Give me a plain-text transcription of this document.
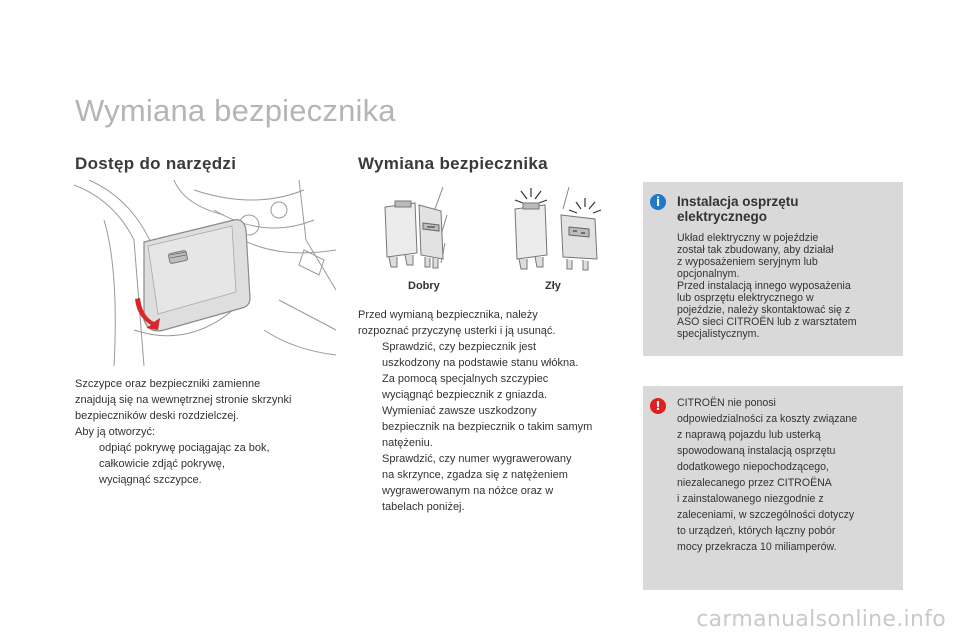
Wymiana bezpiecznika
Dostęp do narzędzi

Szczypce oraz bezpieczniki zamienne

znajdują się na wewnętrznej stronie skrzynki

bezpieczników deski rozdzielczej.

Aby ją otworzyć:

odpiąć pokrywę pociągając za bok,
całkowicie zdjąć pokrywę,
wyciągnąć szczypce.
Wymiana bezpiecznika
Dobry	Zły

Przed wymianą bezpiecznika, należy

rozpoznać przyczynę usterki i ją usunąć.

Sprawdzić, czy bezpiecznik jest
uszkodzony na podstawie stanu włókna.
Za pomocą specjalnych szczypiec
wyciągnąć bezpiecznik z gniazda.
Wymieniać zawsze uszkodzony
bezpiecznik na bezpiecznik o takim samym
natężeniu.
Sprawdzić, czy numer wygrawerowany
na skrzynce, zgadza się z natężeniem
wygrawerowanym na nóżce oraz w
tabelach poniżej.
i	Instalacja osprzętu
elektrycznego

Układ elektryczny w pojeździe

został tak zbudowany, aby działał

z wyposażeniem seryjnym lub

opcjonalnym.

Przed instalacją innego wyposażenia

lub osprzętu elektrycznego w

pojeździe, należy skontaktować się z

ASO sieci CITROËN lub z warsztatem

specjalistycznym.

!	CITROËN nie ponosi

odpowiedzialności za koszty związane

z naprawą pojazdu lub usterką

spowodowaną instalacją osprzętu

dodatkowego niepochodzącego,

niezalecanego przez CITROËNA

i zainstalowanego niezgodnie z

zaleceniami, w szczególności dotyczy

to urządzeń, których łączny pobór

mocy przekracza 10 miliamperów.

carmanualsonline.info
